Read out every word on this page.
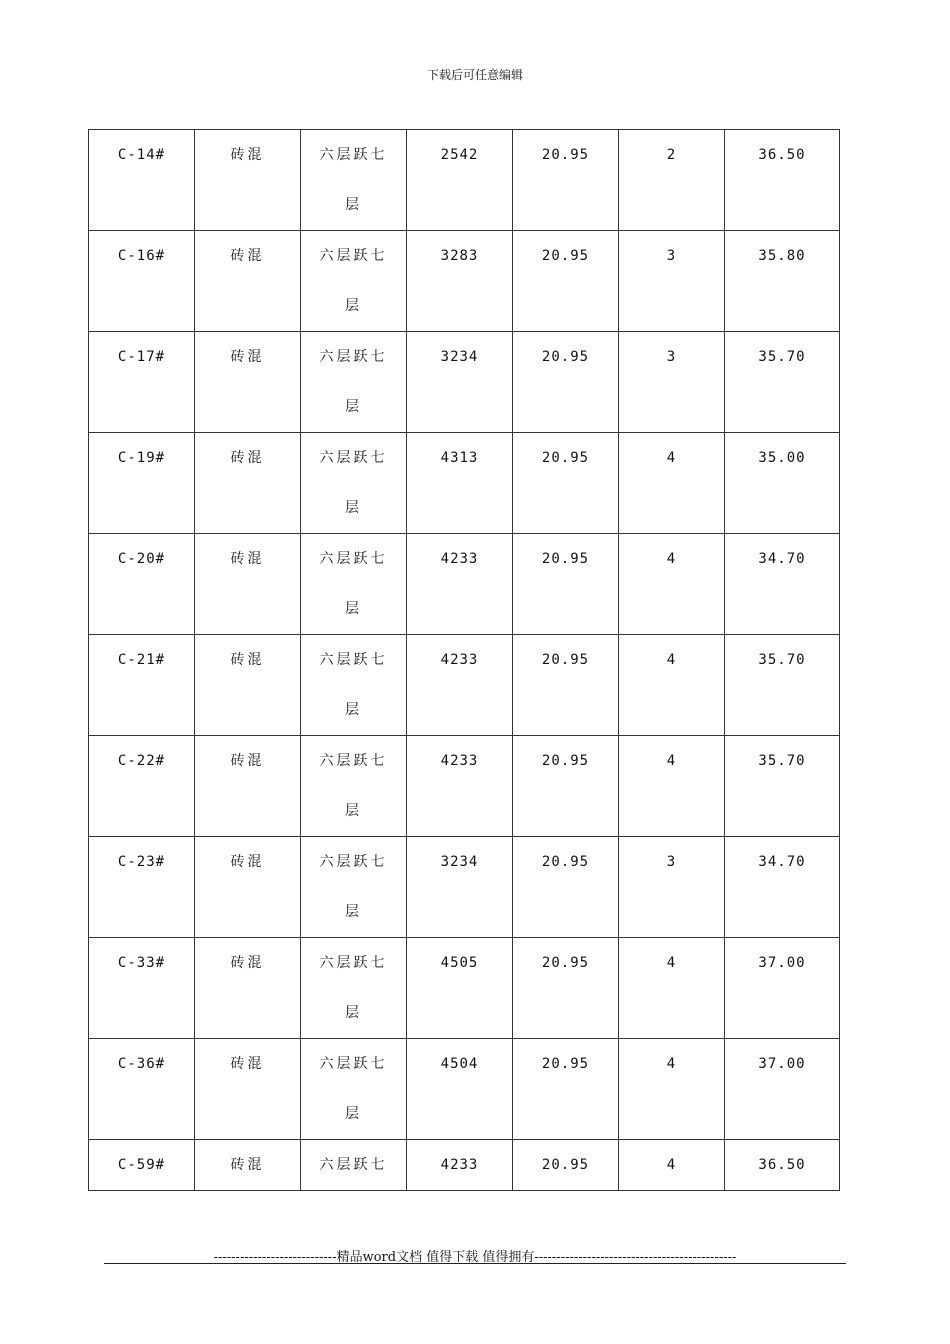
下载后可任意编辑
C-14#	砖混	六层跃七层	2542	20.95	2	36.50

C-16#	砖混	六层跃七层	3283	20.95	3	35.80

C-17#	砖混	六层跃七层	3234	20.95	3	35.70

C-19#	砖混	六层跃七层	4313	20.95	4	35.00

C-20#	砖混	六层跃七层	4233	20.95	4	34.70

C-21#	砖混	六层跃七层	4233	20.95	4	35.70

C-22#	砖混	六层跃七层	4233	20.95	4	35.70

C-23#	砖混	六层跃七层	3234	20.95	3	34.70

C-33#	砖混	六层跃七层	4505	20.95	4	37.00

C-36#	砖混	六层跃七层	4504	20.95	4	37.00

C-59#	砖混	六层跃七	4233	20.95	4	36.50
----------------------------精品word文档 值得下载 值得拥有----------------------------------------------
